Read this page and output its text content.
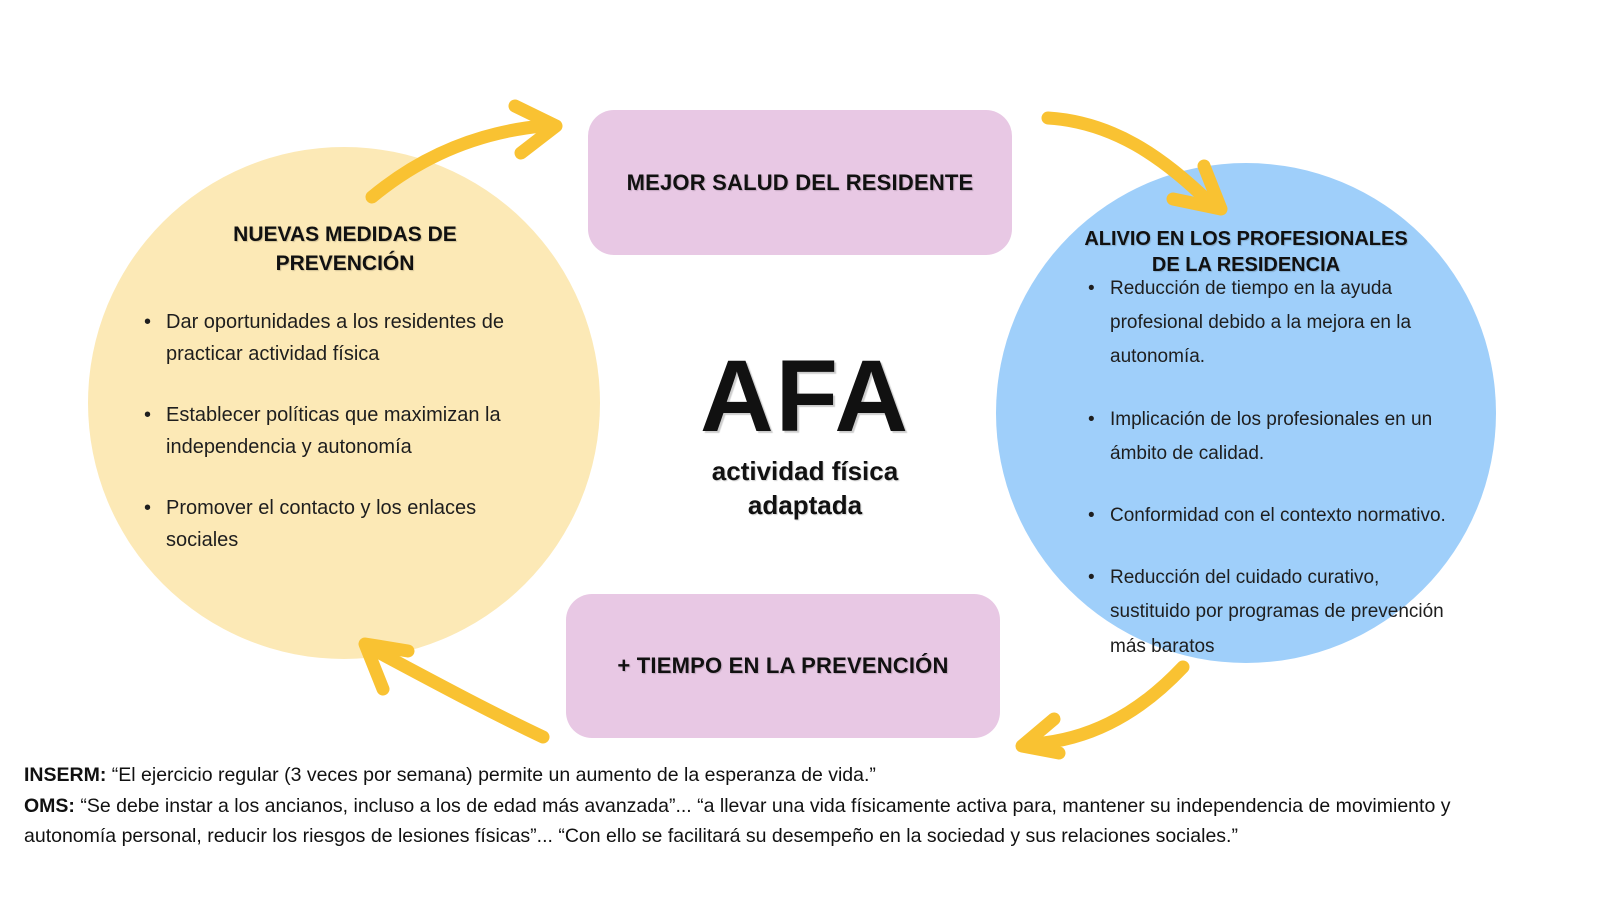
NUEVAS MEDIDAS DE PREVENCIÓN
• Dar oportunidades a los residentes de practicar actividad física
• Establecer políticas que maximizan la independencia y autonomía
• Promover el contacto y los enlaces sociales
ALIVIO EN LOS PROFESIONALES DE LA RESIDENCIA
• Reducción de tiempo en la ayuda profesional debido a la mejora en la autonomía.
• Implicación de los profesionales en un ámbito de calidad.
• Conformidad con el contexto normativo.
• Reducción del cuidado curativo, sustituido por programas de prevención más baratos
MEJOR SALUD DEL RESIDENTE
+ TIEMPO EN LA PREVENCIÓN
AFA
actividad física adaptada

INSERM: “El ejercicio regular (3 veces por semana) permite un aumento de la esperanza de vida.”

OMS: “Se debe instar a los ancianos, incluso a los de edad más avanzada”... “a llevar una vida físicamente activa para, mantener su independencia de movimiento y autonomía personal, reducir los riesgos de lesiones físicas”... “Con ello se facilitará su desempeño en la sociedad y sus relaciones sociales.”
